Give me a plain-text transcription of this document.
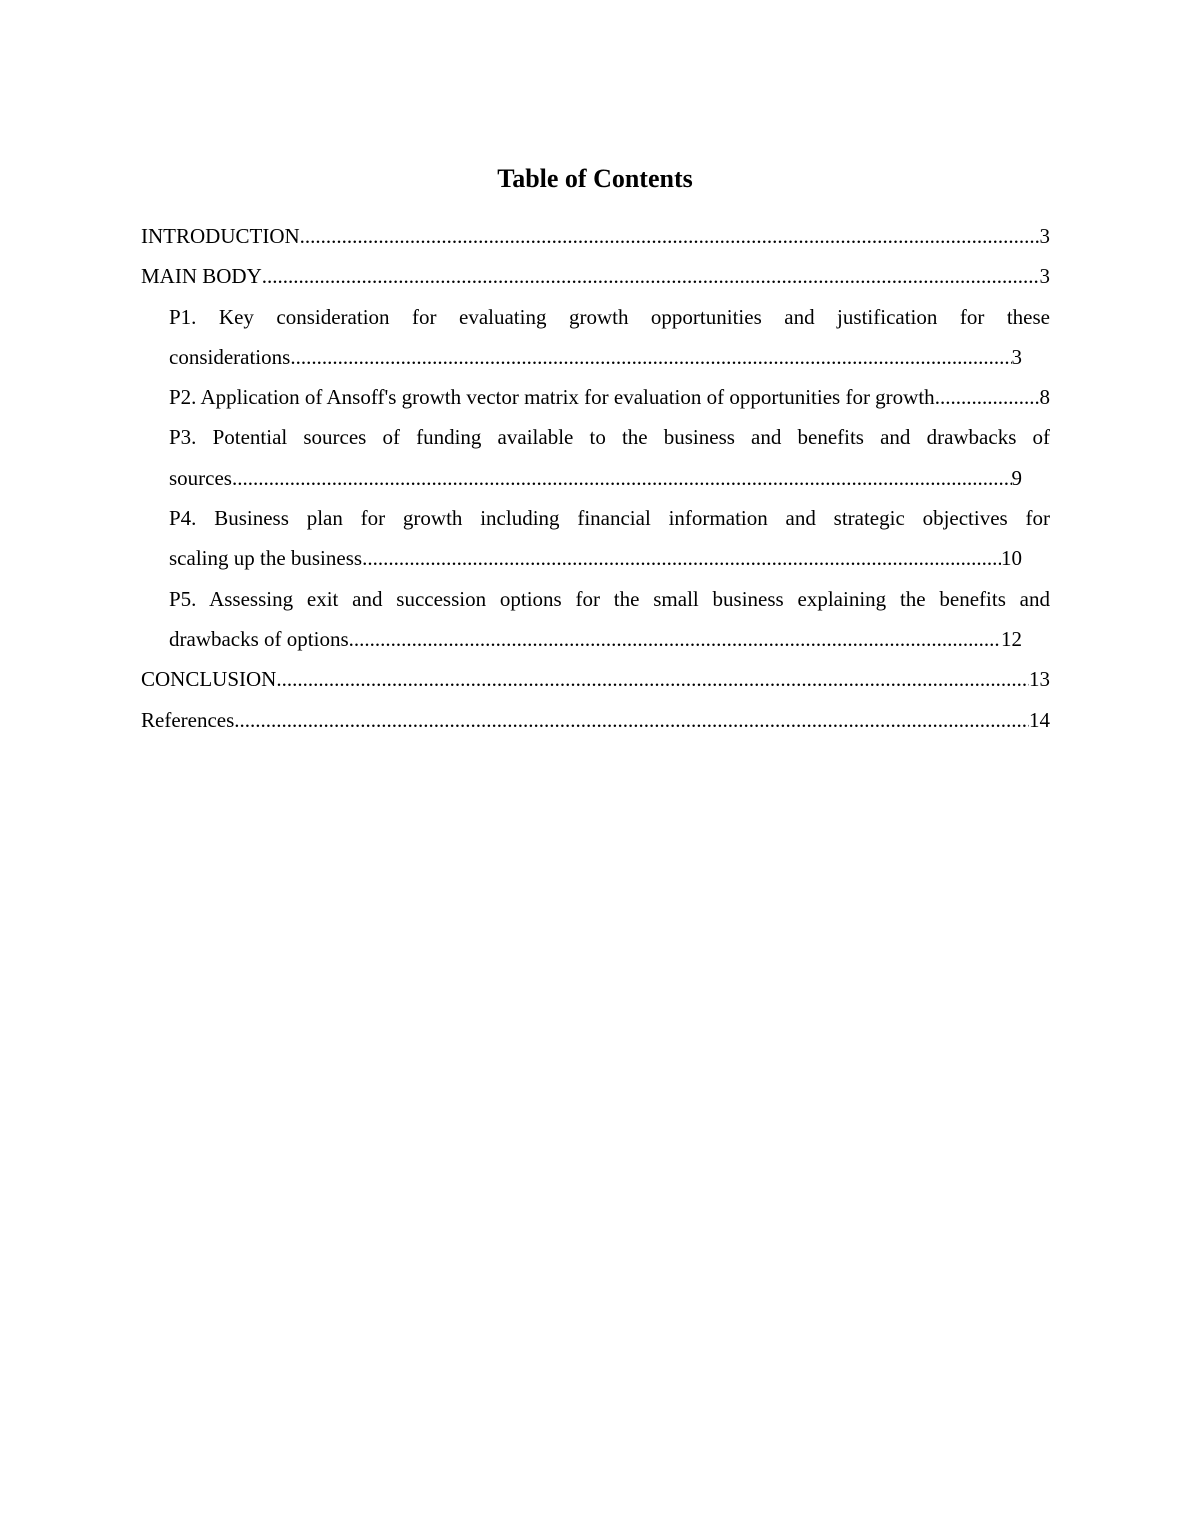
Table of Contents
INTRODUCTION .....	3
MAIN BODY .....	3
P1. Key consideration for evaluating growth opportunities and justification for these
considerations .....	3
P2. Application of Ansoff's growth vector matrix for evaluation of opportunities for growth .....	8
P3. Potential sources of funding available to the business and benefits and drawbacks of
sources .....	9
P4. Business plan for growth including financial information and strategic objectives for
scaling up the business .....	10
P5. Assessing exit and succession options for the small business explaining the benefits and
drawbacks of options .....	12
CONCLUSION .....	13
References .....	14
